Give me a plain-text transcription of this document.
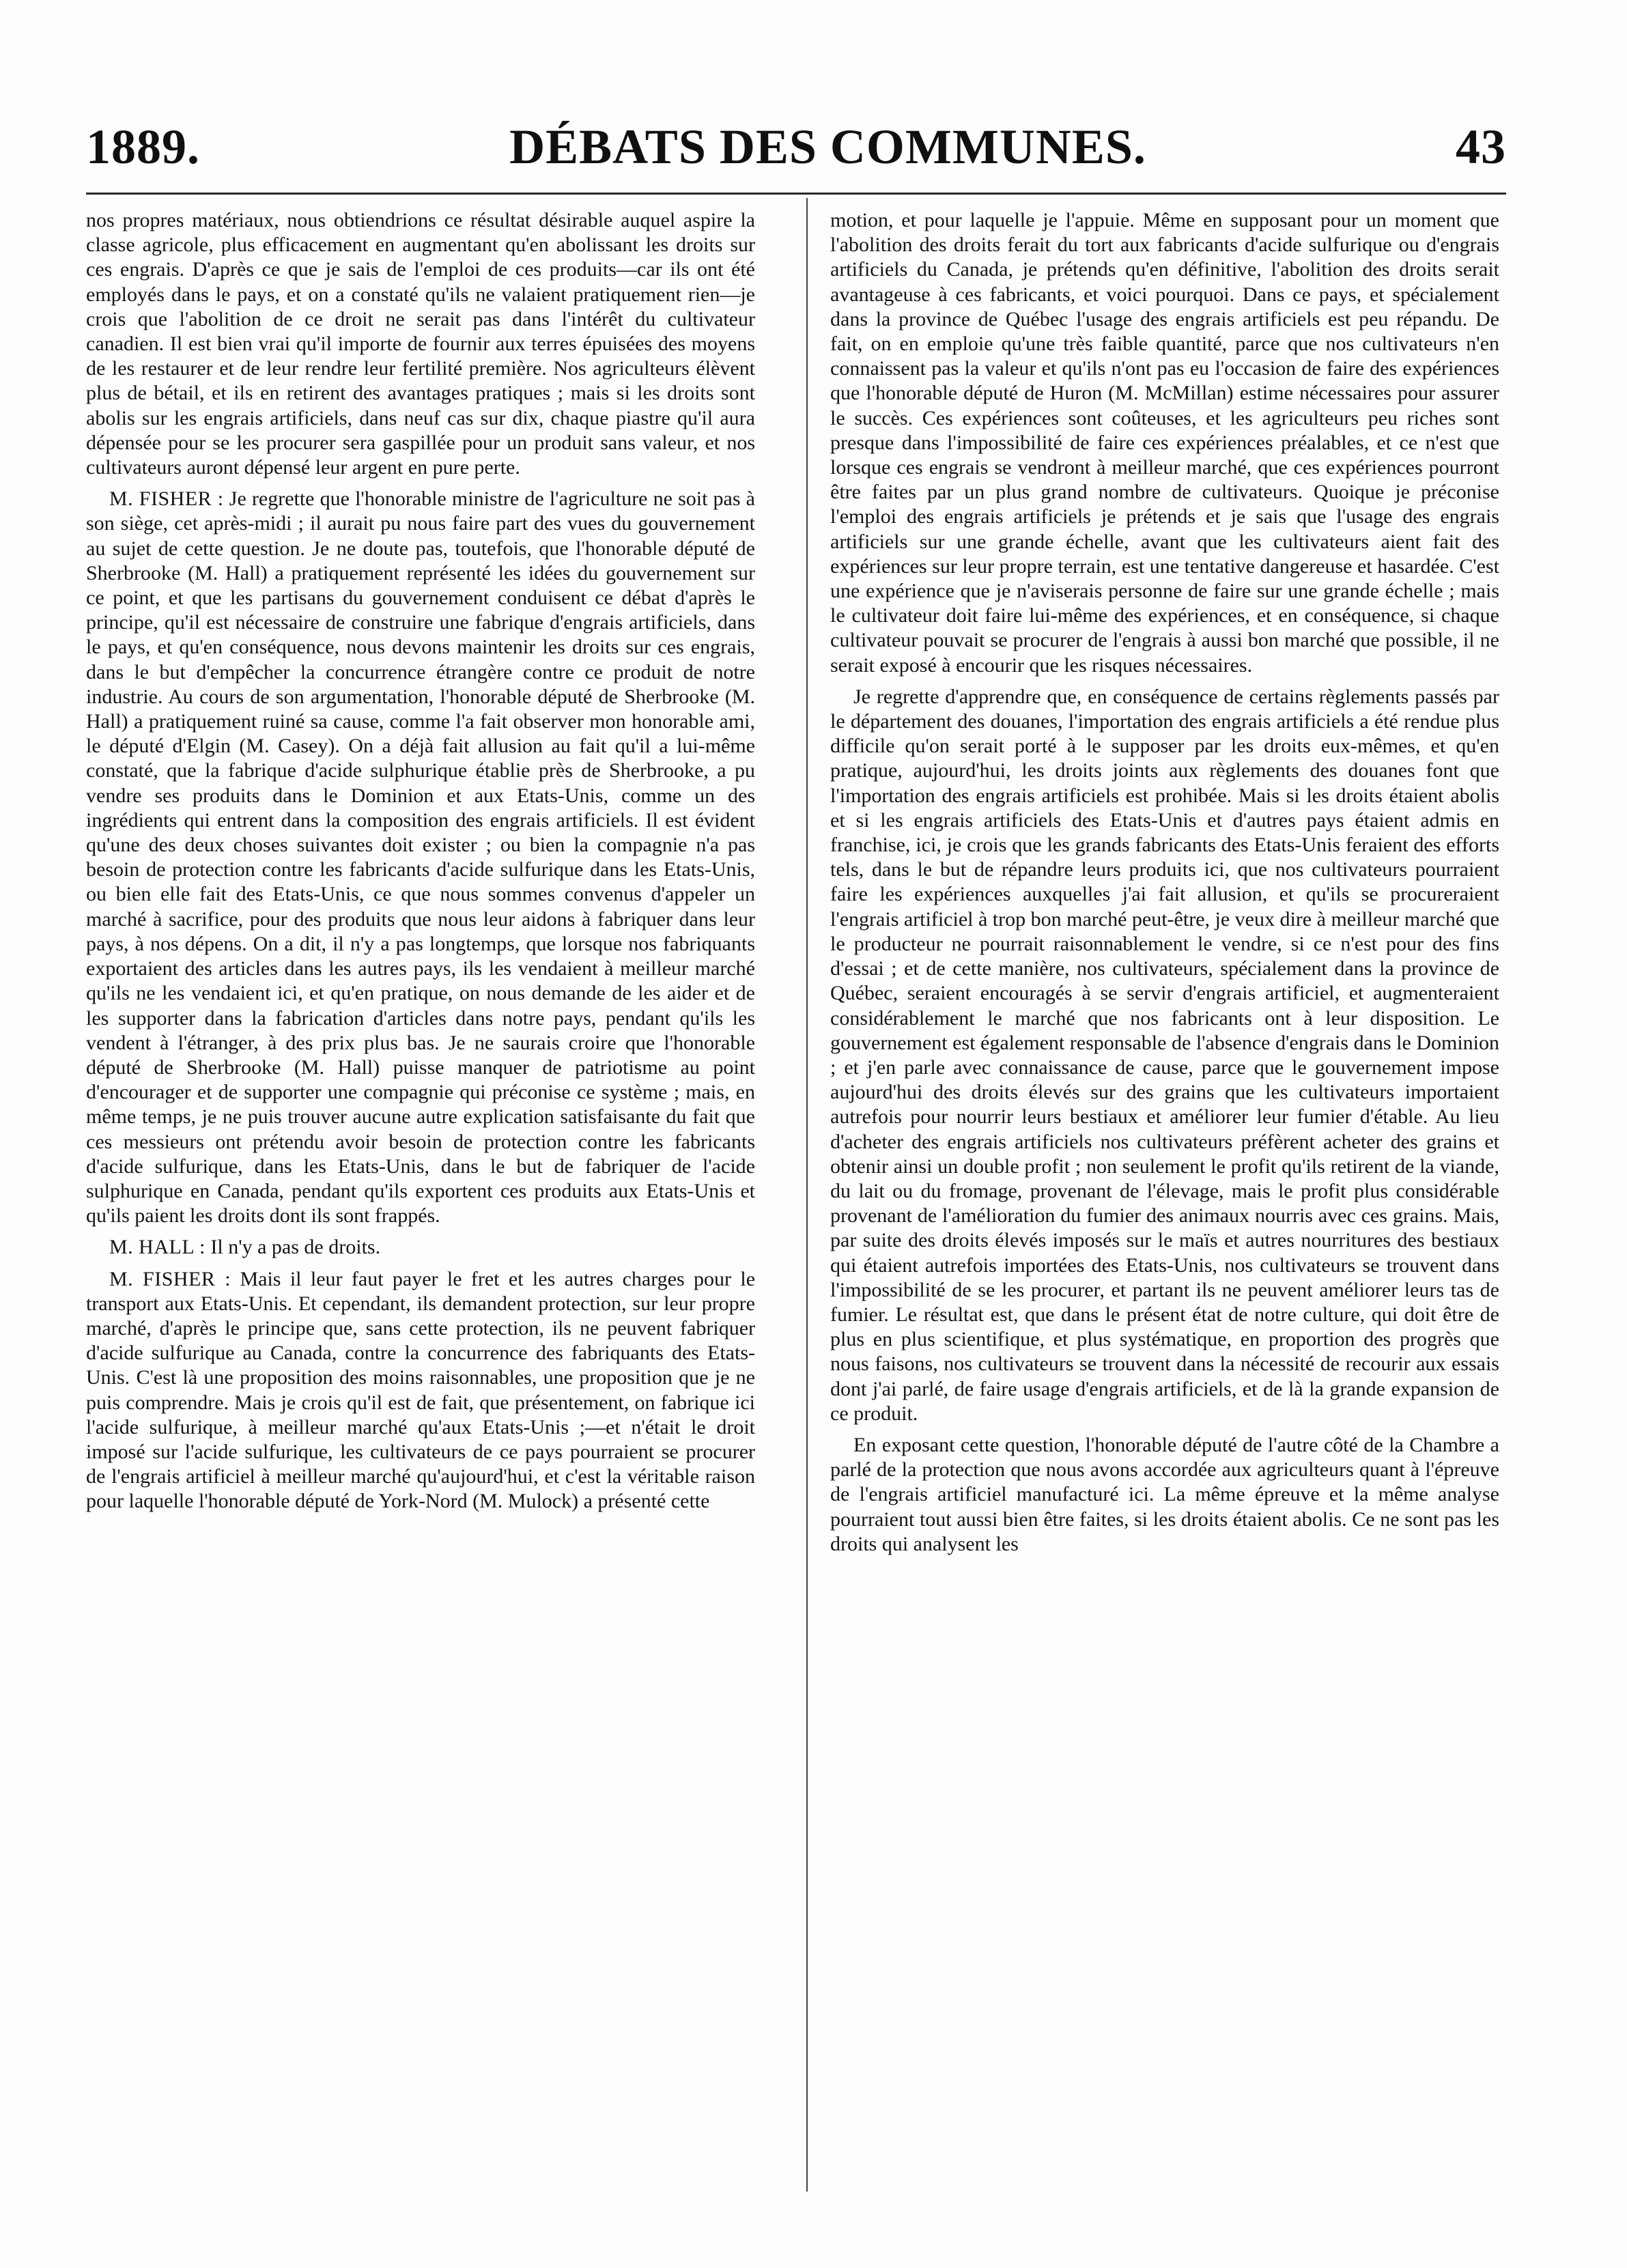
1889.	DÉBATS DES COMMUNES.	43

nos propres matériaux, nous obtiendrions ce résultat désirable auquel aspire la classe agricole, plus efficacement en augmentant qu'en abolissant les droits sur ces engrais. D'après ce que je sais de l'emploi de ces produits—car ils ont été employés dans le pays, et on a constaté qu'ils ne valaient pratiquement rien—je crois que l'abolition de ce droit ne serait pas dans l'intérêt du cultivateur canadien. Il est bien vrai qu'il importe de fournir aux terres épuisées des moyens de les restaurer et de leur rendre leur fertilité première. Nos agriculteurs élèvent plus de bétail, et ils en retirent des avantages pratiques ; mais si les droits sont abolis sur les engrais artificiels, dans neuf cas sur dix, chaque piastre qu'il aura dépensée pour se les procurer sera gaspillée pour un produit sans valeur, et nos cultivateurs auront dépensé leur argent en pure perte.

M. FISHER : Je regrette que l'honorable ministre de l'agriculture ne soit pas à son siège, cet après-midi ; il aurait pu nous faire part des vues du gouvernement au sujet de cette question. Je ne doute pas, toutefois, que l'honorable député de Sherbrooke (M. Hall) a pratiquement représenté les idées du gouvernement sur ce point, et que les partisans du gouvernement conduisent ce débat d'après le principe, qu'il est nécessaire de construire une fabrique d'engrais artificiels, dans le pays, et qu'en conséquence, nous devons maintenir les droits sur ces engrais, dans le but d'empêcher la concurrence étrangère contre ce produit de notre industrie. Au cours de son argumentation, l'honorable député de Sherbrooke (M. Hall) a pratiquement ruiné sa cause, comme l'a fait observer mon honorable ami, le député d'Elgin (M. Casey). On a déjà fait allusion au fait qu'il a lui-même constaté, que la fabrique d'acide sulphurique établie près de Sherbrooke, a pu vendre ses produits dans le Dominion et aux Etats-Unis, comme un des ingrédients qui entrent dans la composition des engrais artificiels. Il est évident qu'une des deux choses suivantes doit exister ; ou bien la compagnie n'a pas besoin de protection contre les fabricants d'acide sulfurique dans les Etats-Unis, ou bien elle fait des Etats-Unis, ce que nous sommes convenus d'appeler un marché à sacrifice, pour des produits que nous leur aidons à fabriquer dans leur pays, à nos dépens. On a dit, il n'y a pas longtemps, que lorsque nos fabriquants exportaient des articles dans les autres pays, ils les vendaient à meilleur marché qu'ils ne les vendaient ici, et qu'en pratique, on nous demande de les aider et de les supporter dans la fabrication d'articles dans notre pays, pendant qu'ils les vendent à l'étranger, à des prix plus bas. Je ne saurais croire que l'honorable député de Sherbrooke (M. Hall) puisse manquer de patriotisme au point d'encourager et de supporter une compagnie qui préconise ce système ; mais, en même temps, je ne puis trouver aucune autre explication satisfaisante du fait que ces messieurs ont prétendu avoir besoin de protection contre les fabricants d'acide sulfurique, dans les Etats-Unis, dans le but de fabriquer de l'acide sulphurique en Canada, pendant qu'ils exportent ces produits aux Etats-Unis et qu'ils paient les droits dont ils sont frappés.

M. HALL : Il n'y a pas de droits.

M. FISHER : Mais il leur faut payer le fret et les autres charges pour le transport aux Etats-Unis. Et cependant, ils demandent protection, sur leur propre marché, d'après le principe que, sans cette protection, ils ne peuvent fabriquer d'acide sulfurique au Canada, contre la concurrence des fabriquants des Etats-Unis. C'est là une proposition des moins raisonnables, une proposition que je ne puis comprendre. Mais je crois qu'il est de fait, que présentement, on fabrique ici l'acide sulfurique, à meilleur marché qu'aux Etats-Unis ;—et n'était le droit imposé sur l'acide sulfurique, les cultivateurs de ce pays pourraient se procurer de l'engrais artificiel à meilleur marché qu'aujourd'hui, et c'est la véritable raison pour laquelle l'honorable député de York-Nord (M. Mulock) a présenté cette

motion, et pour laquelle je l'appuie. Même en supposant pour un moment que l'abolition des droits ferait du tort aux fabricants d'acide sulfurique ou d'engrais artificiels du Canada, je prétends qu'en définitive, l'abolition des droits serait avantageuse à ces fabricants, et voici pourquoi. Dans ce pays, et spécialement dans la province de Québec l'usage des engrais artificiels est peu répandu. De fait, on en emploie qu'une très faible quantité, parce que nos cultivateurs n'en connaissent pas la valeur et qu'ils n'ont pas eu l'occasion de faire des expériences que l'honorable député de Huron (M. McMillan) estime nécessaires pour assurer le succès. Ces expériences sont coûteuses, et les agriculteurs peu riches sont presque dans l'impossibilité de faire ces expériences préalables, et ce n'est que lorsque ces engrais se vendront à meilleur marché, que ces expériences pourront être faites par un plus grand nombre de cultivateurs. Quoique je préconise l'emploi des engrais artificiels je prétends et je sais que l'usage des engrais artificiels sur une grande échelle, avant que les cultivateurs aient fait des expériences sur leur propre terrain, est une tentative dangereuse et hasardée. C'est une expérience que je n'aviserais personne de faire sur une grande échelle ; mais le cultivateur doit faire lui-même des expériences, et en conséquence, si chaque cultivateur pouvait se procurer de l'engrais à aussi bon marché que possible, il ne serait exposé à encourir que les risques nécessaires.

Je regrette d'apprendre que, en conséquence de certains règlements passés par le département des douanes, l'importation des engrais artificiels a été rendue plus difficile qu'on serait porté à le supposer par les droits eux-mêmes, et qu'en pratique, aujourd'hui, les droits joints aux règlements des douanes font que l'importation des engrais artificiels est prohibée. Mais si les droits étaient abolis et si les engrais artificiels des Etats-Unis et d'autres pays étaient admis en franchise, ici, je crois que les grands fabricants des Etats-Unis feraient des efforts tels, dans le but de répandre leurs produits ici, que nos cultivateurs pourraient faire les expériences auxquelles j'ai fait allusion, et qu'ils se procureraient l'engrais artificiel à trop bon marché peut-être, je veux dire à meilleur marché que le producteur ne pourrait raisonnablement le vendre, si ce n'est pour des fins d'essai ; et de cette manière, nos cultivateurs, spécialement dans la province de Québec, seraient encouragés à se servir d'engrais artificiel, et augmenteraient considérablement le marché que nos fabricants ont à leur disposition. Le gouvernement est également responsable de l'absence d'engrais dans le Dominion ; et j'en parle avec connaissance de cause, parce que le gouvernement impose aujourd'hui des droits élevés sur des grains que les cultivateurs importaient autrefois pour nourrir leurs bestiaux et améliorer leur fumier d'étable. Au lieu d'acheter des engrais artificiels nos cultivateurs préfèrent acheter des grains et obtenir ainsi un double profit ; non seulement le profit qu'ils retirent de la viande, du lait ou du fromage, provenant de l'élevage, mais le profit plus considérable provenant de l'amélioration du fumier des animaux nourris avec ces grains. Mais, par suite des droits élevés imposés sur le maïs et autres nourritures des bestiaux qui étaient autrefois importées des Etats-Unis, nos cultivateurs se trouvent dans l'impossibilité de se les procurer, et partant ils ne peuvent améliorer leurs tas de fumier. Le résultat est, que dans le présent état de notre culture, qui doit être de plus en plus scientifique, et plus systématique, en proportion des progrès que nous faisons, nos cultivateurs se trouvent dans la nécessité de recourir aux essais dont j'ai parlé, de faire usage d'engrais artificiels, et de là la grande expansion de ce produit.

En exposant cette question, l'honorable député de l'autre côté de la Chambre a parlé de la protection que nous avons accordée aux agriculteurs quant à l'épreuve de l'engrais artificiel manufacturé ici. La même épreuve et la même analyse pourraient tout aussi bien être faites, si les droits étaient abolis. Ce ne sont pas les droits qui analysent les
